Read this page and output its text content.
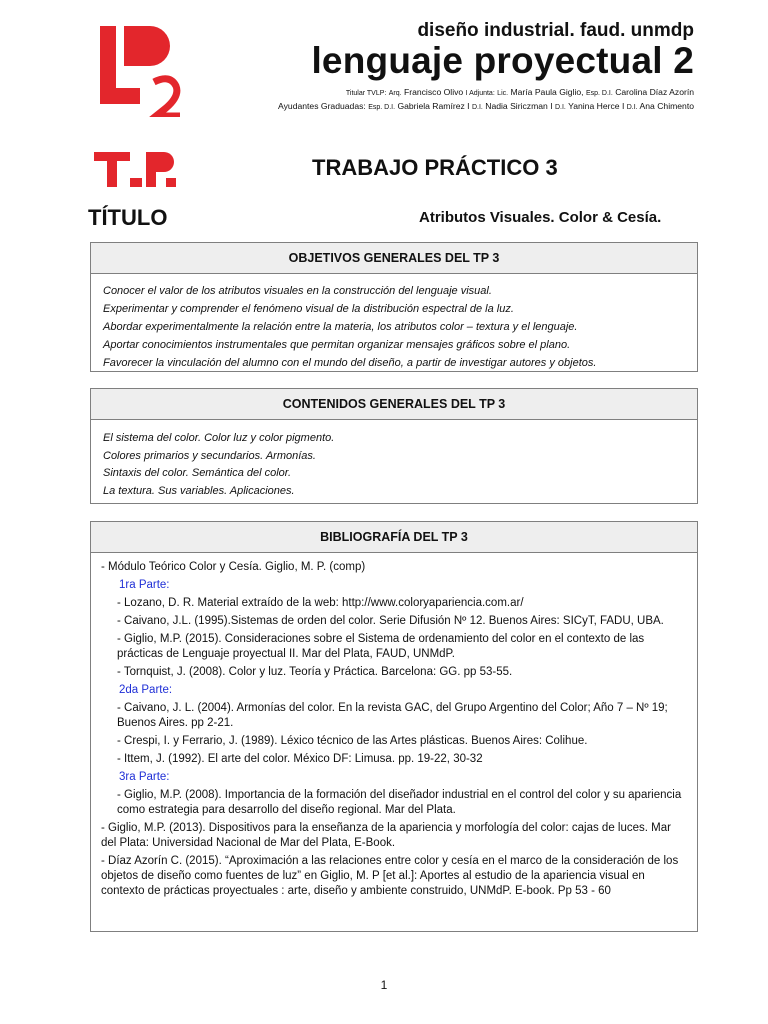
diseño industrial. faud. unmdp
lenguaje proyectual 2
Titular TVLP: Arq. Francisco Olivo I Adjunta: Lic. María Paula Giglio, Esp. D.I. Carolina Díaz Azorín
Ayudantes Graduadas: Esp. D.I. Gabriela Ramírez I D.I. Nadia Siriczman I D.I. Yanina Herce I D.I. Ana Chimento
TRABAJO PRÁCTICO 3
TÍTULO	Atributos Visuales. Color & Cesía.
OBJETIVOS GENERALES DEL TP 3
Conocer el valor de los atributos visuales en la construcción del lenguaje visual.
Experimentar y comprender el fenómeno visual de la distribución espectral de la luz.
Abordar experimentalmente la relación entre la materia, los atributos color – textura y el lenguaje.
Aportar conocimientos instrumentales que permitan organizar mensajes gráficos sobre el plano.
Favorecer la vinculación del alumno con el mundo del diseño, a partir de investigar autores y objetos.
CONTENIDOS GENERALES DEL TP 3
El sistema del color. Color luz y color pigmento.
Colores primarios y secundarios. Armonías.
Sintaxis del color. Semántica del color.
La textura. Sus variables. Aplicaciones.
BIBLIOGRAFÍA DEL TP 3
- Módulo Teórico Color y Cesía. Giglio, M. P. (comp)
1ra Parte:
- Lozano, D. R. Material extraído de la web: http://www.coloryapariencia.com.ar/
- Caivano, J.L. (1995).Sistemas de orden del color. Serie Difusión Nº 12. Buenos Aires: SICyT, FADU, UBA.
- Giglio, M.P. (2015). Consideraciones sobre el Sistema de ordenamiento del color en el contexto de las prácticas de Lenguaje proyectual II. Mar del Plata, FAUD, UNMdP.
- Tornquist, J. (2008). Color y luz. Teoría y Práctica. Barcelona: GG. pp 53-55.
2da Parte:
- Caivano, J. L. (2004). Armonías del color. En la revista GAC, del Grupo Argentino del Color; Año 7 – Nº 19; Buenos Aires. pp 2-21.
- Crespi, I. y Ferrario, J. (1989). Léxico técnico de las Artes plásticas. Buenos Aires: Colihue.
- Ittem, J. (1992). El arte del color. México DF: Limusa. pp. 19-22, 30-32
3ra Parte:
- Giglio, M.P. (2008). Importancia de la formación del diseñador industrial en el control del color y su apariencia como estrategia para desarrollo del diseño regional. Mar del Plata.
- Giglio, M.P. (2013). Dispositivos para la enseñanza de la apariencia y morfología del color: cajas de luces. Mar del Plata: Universidad Nacional de Mar del Plata, E-Book.
- Díaz Azorín C. (2015). “Aproximación a las relaciones entre color y cesía en el marco de la consideración de los objetos de diseño como fuentes de luz” en Giglio, M. P [et al.]: Aportes al estudio de la apariencia visual en contexto de prácticas proyectuales : arte, diseño y ambiente construido, UNMdP. E-book. Pp 53 - 60
1
